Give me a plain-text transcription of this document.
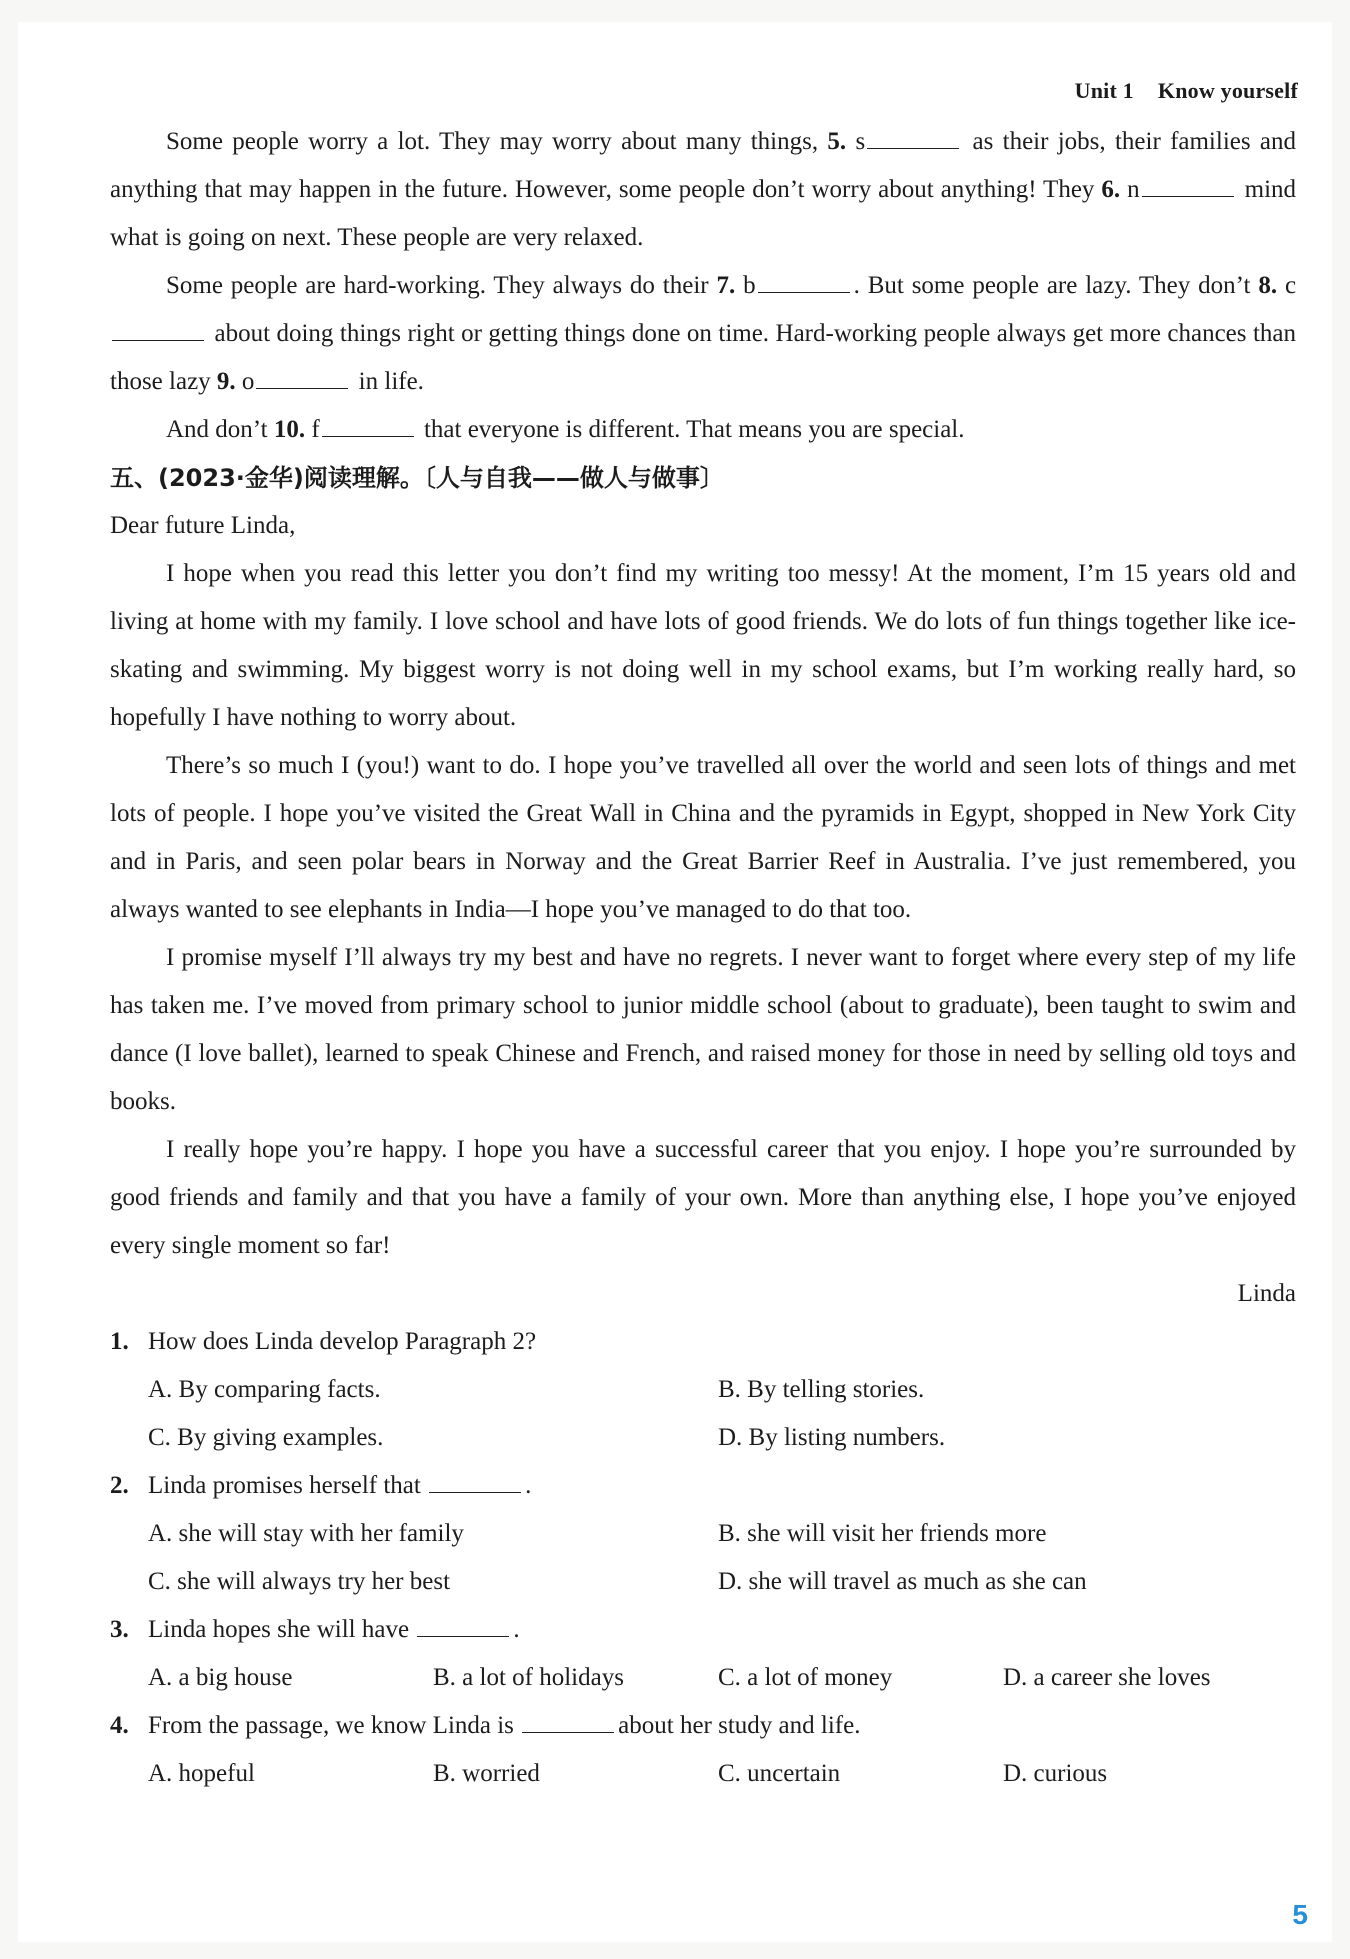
Unit 1 Know yourself

Some people worry a lot. They may worry about many things, 5. s	as their jobs, their families and anything that may happen in the future. However, some people don’t worry about anything! They 6. n	mind what is going on next. These people are very relaxed.

Some people are hard-working. They always do their 7. b	. But some people are lazy. They don’t 8. c about doing things right or getting things done on time. Hard-working people always get more chances than those lazy 9. o	in life.

And don’t 10. f	that everyone is different. That means you are special.

五、(2023·金华)阅读理解。〔人与自我——做人与做事〕

Dear future Linda,

I hope when you read this letter you don’t find my writing too messy! At the moment, I’m 15 years old and living at home with my family. I love school and have lots of good friends. We do lots of fun things together like ice-skating and swimming. My biggest worry is not doing well in my school exams, but I’m working really hard, so hopefully I have nothing to worry about.

There’s so much I (you!) want to do. I hope you’ve travelled all over the world and seen lots of things and met lots of people. I hope you’ve visited the Great Wall in China and the pyramids in Egypt, shopped in New York City and in Paris, and seen polar bears in Norway and the Great Barrier Reef in Australia. I’ve just remembered, you always wanted to see elephants in India—I hope you’ve managed to do that too.

I promise myself I’ll always try my best and have no regrets. I never want to forget where every step of my life has taken me. I’ve moved from primary school to junior middle school (about to graduate), been taught to swim and dance (I love ballet), learned to speak Chinese and French, and raised money for those in need by selling old toys and books.

I really hope you’re happy. I hope you have a successful career that you enjoy. I hope you’re surrounded by good friends and family and that you have a family of your own. More than anything else, I hope you’ve enjoyed every single moment so far!

Linda

1. How does Linda develop Paragraph 2?
A. By comparing facts.	B. By telling stories.
C. By giving examples.	D. By listing numbers.
2. Linda promises herself that	.
A. she will stay with her family	B. she will visit her friends more
C. she will always try her best	D. she will travel as much as she can
3. Linda hopes she will have	.
A. a big house	B. a lot of holidays	C. a lot of money	D. a career she loves
4. From the passage, we know Linda is	about her study and life.
A. hopeful	B. worried	C. uncertain	D. curious
5
